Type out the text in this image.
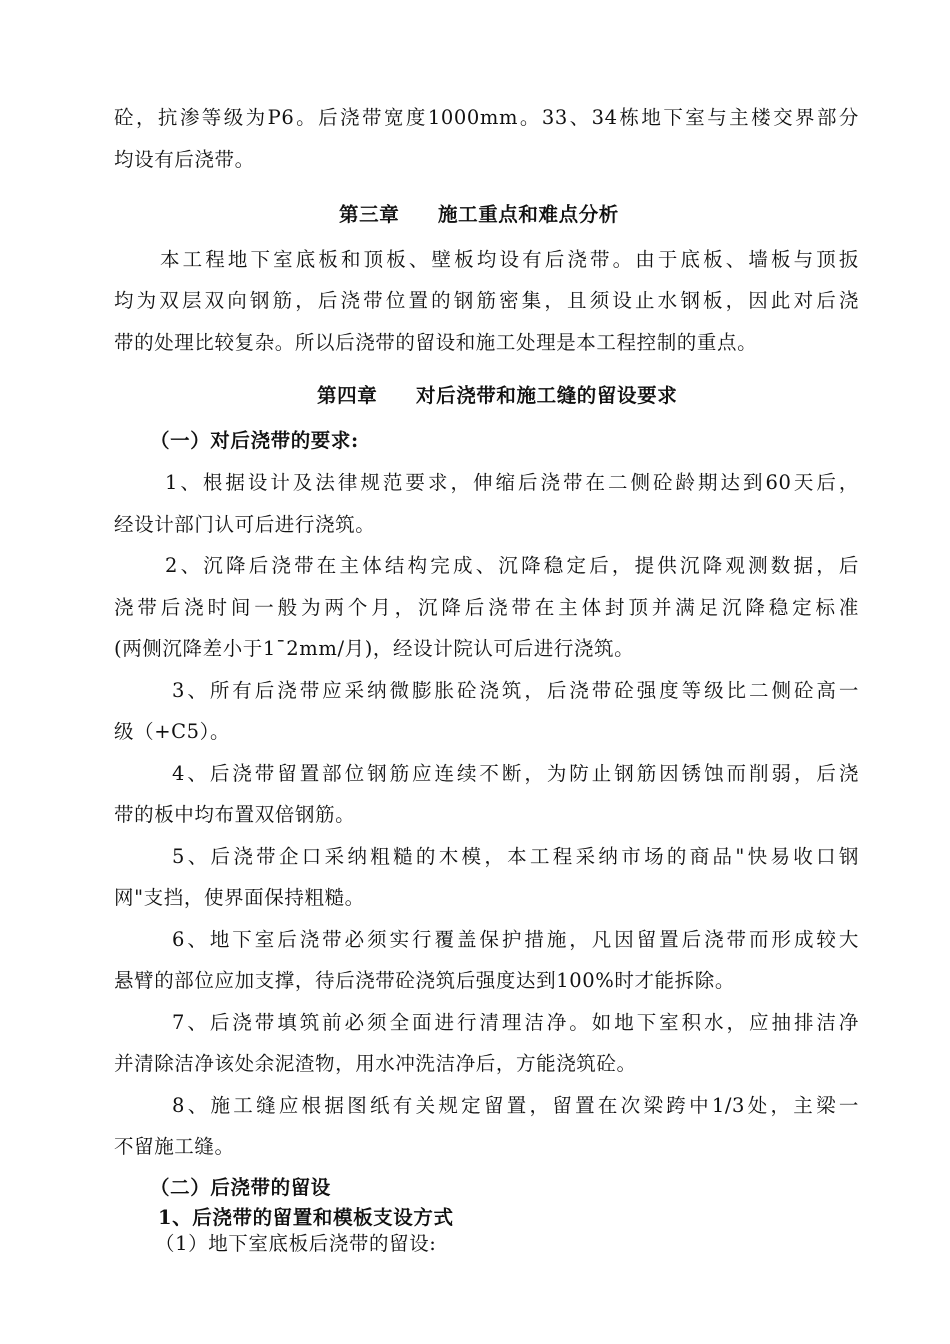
砼，抗渗等级为P6。后浇带宽度1000mm。33、34栋地下室与主楼交界部分
均设有后浇带。
第三章 施工重点和难点分析
本工程地下室底板和顶板、壁板均设有后浇带。由于底板、墙板与顶扳
均为双层双向钢筋，后浇带位置的钢筋密集，且须设止水钢板，因此对后浇
带的处理比较复杂。所以后浇带的留设和施工处理是本工程控制的重点。
第四章 对后浇带和施工缝的留设要求
（一）对后浇带的要求:
1、根据设计及法律规范要求，伸缩后浇带在二侧砼龄期达到60天后，
经设计部门认可后进行浇筑。
2、沉降后浇带在主体结构完成、沉降稳定后，提供沉降观测数据，后
浇带后浇时间一般为两个月，沉降后浇带在主体封顶并满足沉降稳定标准
(两侧沉降差小于1¯2mm/月)，经设计院认可后进行浇筑。
3、所有后浇带应采纳微膨胀砼浇筑，后浇带砼强度等级比二侧砼高一
级（+C5）。
4、后浇带留置部位钢筋应连续不断，为防止钢筋因锈蚀而削弱，后浇
带的板中均布置双倍钢筋。
5、后浇带企口采纳粗糙的木模，本工程采纳市场的商品"快易收口钢
网"支挡，使界面保持粗糙。
6、地下室后浇带必须实行覆盖保护措施，凡因留置后浇带而形成较大
悬臂的部位应加支撑，待后浇带砼浇筑后强度达到100%时才能拆除。
7、后浇带填筑前必须全面进行清理洁净。如地下室积水，应抽排洁净
并清除洁净该处余泥渣物，用水冲洗洁净后，方能浇筑砼。
8、施工缝应根据图纸有关规定留置，留置在次梁跨中1/3处，主梁一
不留施工缝。
（二）后浇带的留设
1、后浇带的留置和模板支设方式
（1）地下室底板后浇带的留设:
